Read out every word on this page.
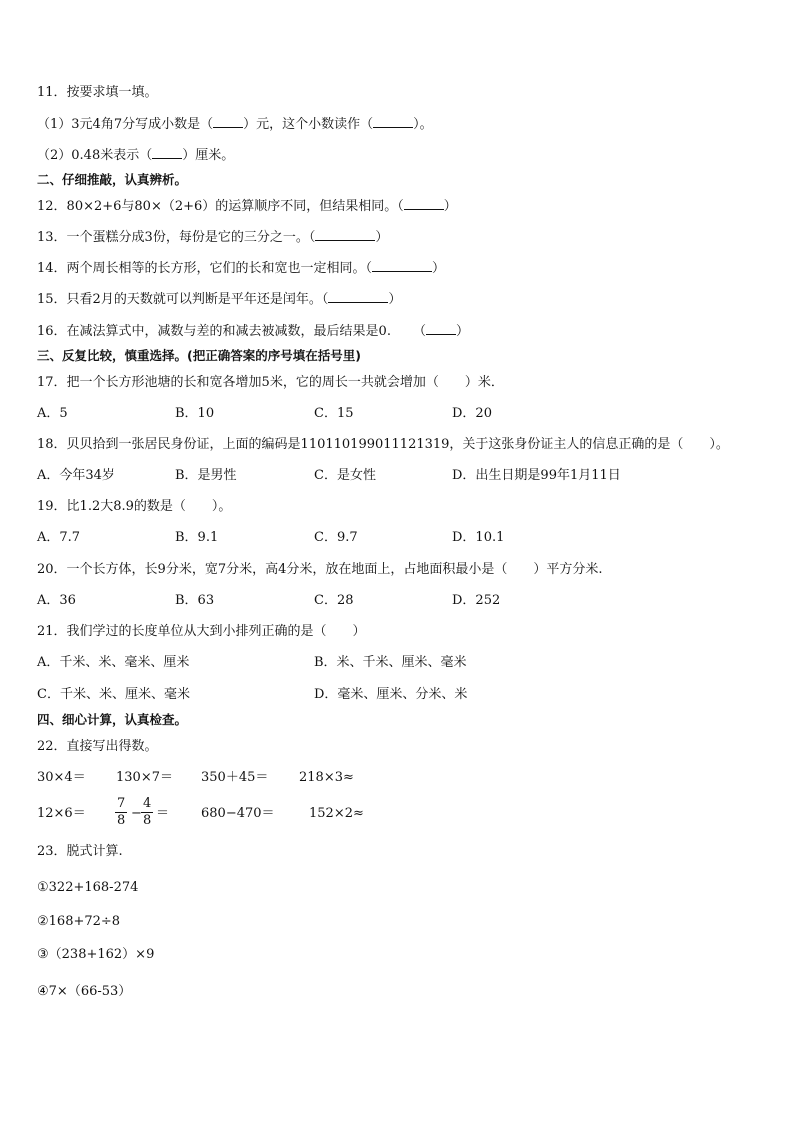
11．按要求填一填。
（1）3元4角7分写成小数是（ ）元，这个小数读作（	）。
（2）0.48米表示（ ）厘米。
二、仔细推敲，认真辨析。
12．80×2+6与80×（2+6）的运算顺序不同，但结果相同。（	）
13．一个蛋糕分成3份，每份是它的三分之一。（	）
14．两个周长相等的长方形，它们的长和宽也一定相同。（	）
15．只看2月的天数就可以判断是平年还是闰年。（	）
16．在减法算式中，减数与差的和减去被减数，最后结果是0. （ ）
三、反复比较，慎重选择。(把正确答案的序号填在括号里)
17．把一个长方形池塘的长和宽各增加5米，它的周长一共就会增加（　　）米．
A．5	B．10	C．15	D．20
18．贝贝拾到一张居民身份证，上面的编码是110110199011121319，关于这张身份证主人的信息正确的是（　　）。
A．今年34岁	B．是男性	C．是女性	D．出生日期是99年1月11日
19．比1.2大8.9的数是（　　）。
A．7.7	B．9.1	C．9.7	D．10.1
20．一个长方体，长9分米，宽7分米，高4分米，放在地面上，占地面积最小是（　　）平方分米.
A．36	B．63	C．28	D．252
21．我们学过的长度单位从大到小排列正确的是（　　）
A．千米、米、毫米、厘米	B．米、千米、厘米、毫米
C．千米、米、厘米、毫米	D．毫米、厘米、分米、米
四、细心计算，认真检查。
22．直接写出得数。
30×4＝ 130×7＝ 350＋45＝ 218×3≈
$12\times 6= \frac{7}{8} - \frac{4}{8} = 680-470=$	152×2≈
23．脱式计算.
①322+168-274
②168+72÷8
③（238+162）×9
④7×（66-53）
